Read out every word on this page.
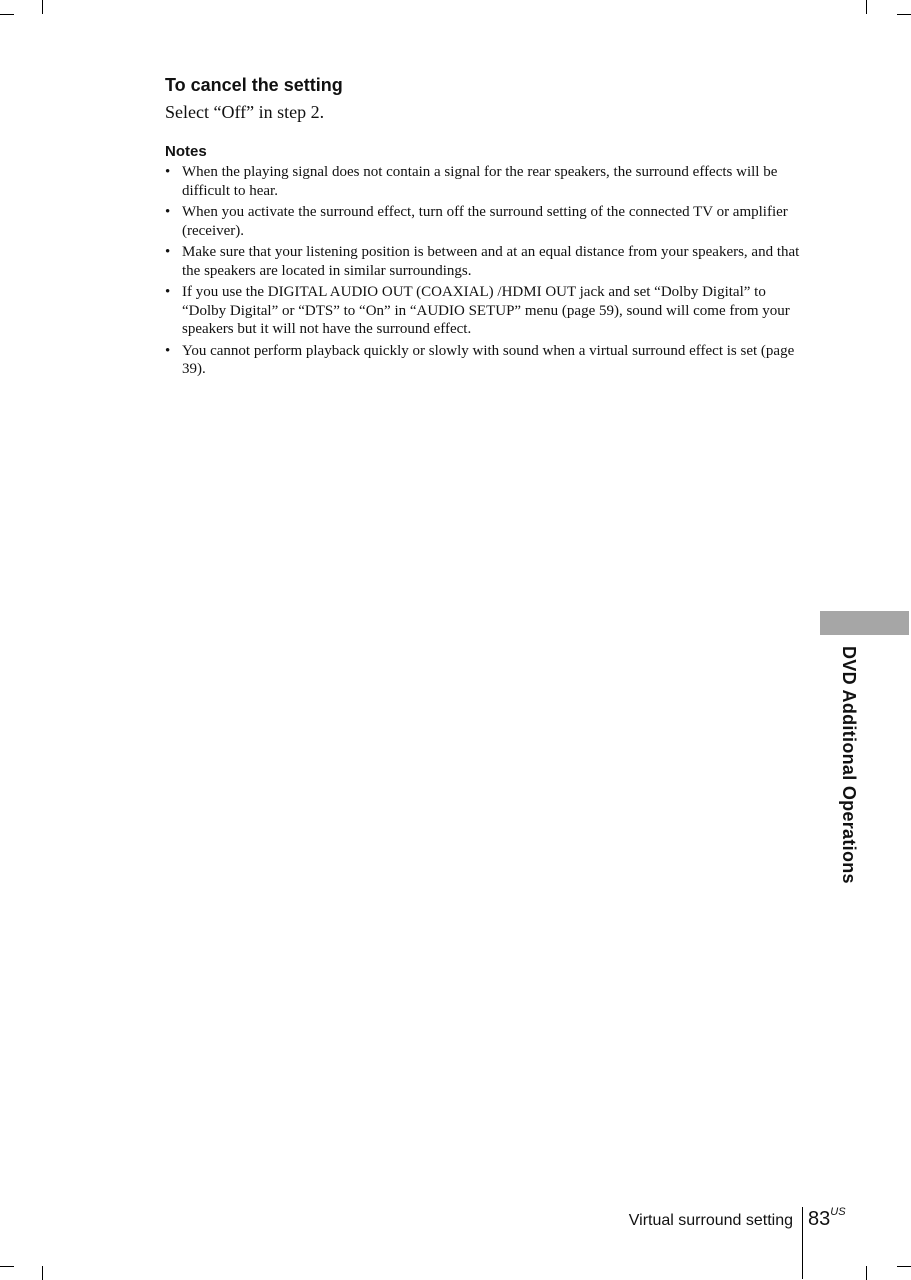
To cancel the setting

Select “Off” in step 2.

Notes
• When the playing signal does not contain a signal for the rear speakers, the surround effects will be difficult to hear.
• When you activate the surround effect, turn off the surround setting of the connected TV or amplifier (receiver).
• Make sure that your listening position is between and at an equal distance from your speakers, and that the speakers are located in similar surroundings.
• If you use the DIGITAL AUDIO OUT (COAXIAL) /HDMI OUT jack and set “Dolby Digital” to “Dolby Digital” or “DTS” to “On” in “AUDIO SETUP” menu (page 59), sound will come from your speakers but it will not have the surround effect.
• You cannot perform playback quickly or slowly with sound when a virtual surround effect is set (page 39).
DVD Additional Operations
Virtual surround setting $83^{US}$
